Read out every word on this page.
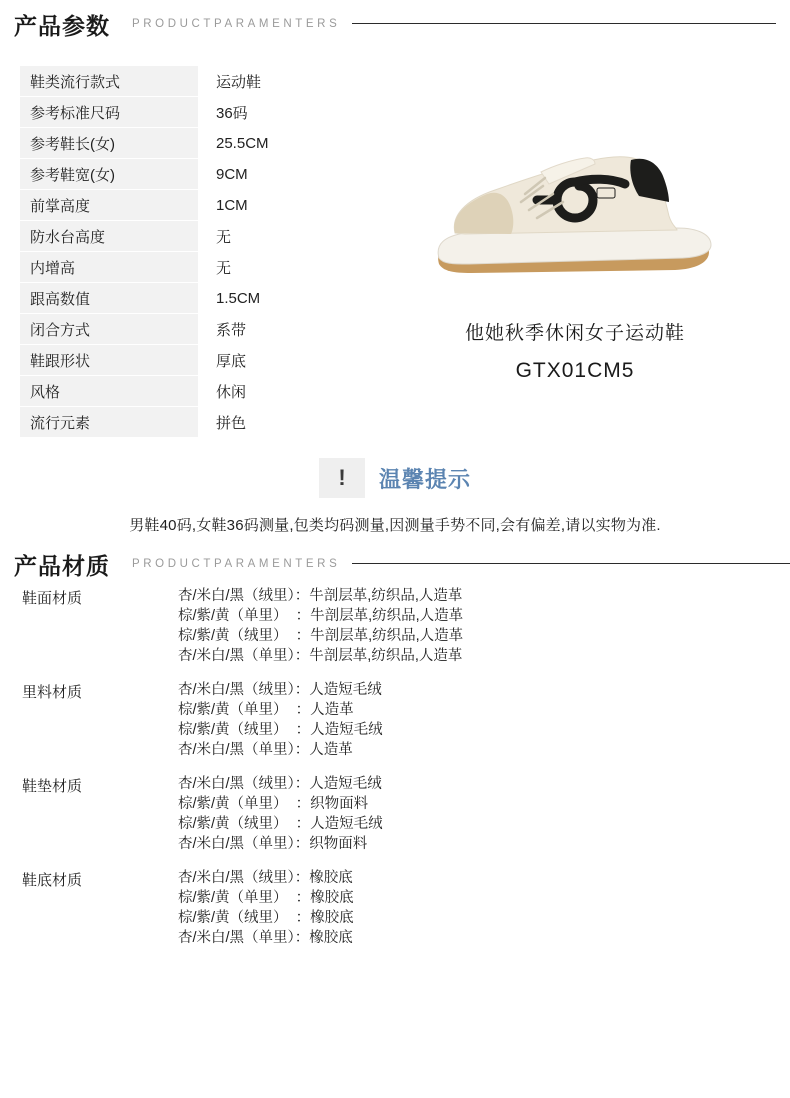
产品参数 PRODUCTPARAMENTERS
鞋类流行款式	运动鞋
参考标准尺码	36码
参考鞋长(女)	25.5CM
参考鞋宽(女)	9CM
前掌高度	1CM
防水台高度	无
内增高	无
跟高数值	1.5CM
闭合方式	系带
鞋跟形状	厚底
风格	休闲
流行元素	拼色
他她秋季休闲女子运动鞋
GTX01CM5
!	温馨提示
男鞋40码,女鞋36码测量,包类均码测量,因测量手势不同,会有偏差,请以实物为准.
产品材质 PRODUCTPARAMENTERS
鞋面材质	杏/米白/黑（绒里）：牛剖层革,纺织品,人造革
棕/紫/黄（单里）  ：牛剖层革,纺织品,人造革
棕/紫/黄（绒里）  ：牛剖层革,纺织品,人造革
杏/米白/黑（单里）：牛剖层革,纺织品,人造革
里料材质	杏/米白/黑（绒里）：人造短毛绒
棕/紫/黄（单里）  ：人造革
棕/紫/黄（绒里）  ：人造短毛绒
杏/米白/黑（单里）：人造革
鞋垫材质	杏/米白/黑（绒里）：人造短毛绒
棕/紫/黄（单里）  ：织物面料
棕/紫/黄（绒里）  ：人造短毛绒
杏/米白/黑（单里）：织物面料
鞋底材质	杏/米白/黑（绒里）：橡胶底
棕/紫/黄（单里）  ：橡胶底
棕/紫/黄（绒里）  ：橡胶底
杏/米白/黑（单里）：橡胶底
